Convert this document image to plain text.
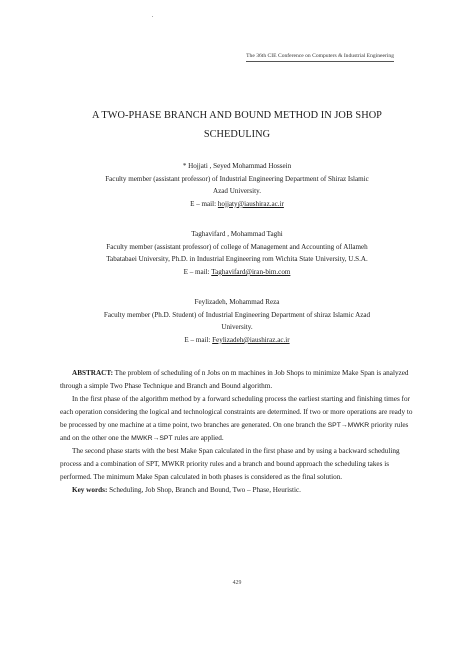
The 36th CIE Conference on Computers & Industrial Engineering
A TWO-PHASE BRANCH AND BOUND METHOD IN JOB SHOP
SCHEDULING
* Hojjati , Seyed Mohammad Hossein
Faculty member (assistant professor) of Industrial Engineering Department of Shiraz Islamic
Azad University.
E – mail: hojjaty@iaushiraz.ac.ir
Taghavifard , Mohammad Taghi
Faculty member (assistant professor) of college of Management and Accounting of Allameh
Tabatabaei University, Ph.D. in Industrial Engineering rom Wichita State University, U.S.A.
E – mail: Taghavifard@iran-bim.com
Feylizadeh, Mohammad Reza
Faculty member (Ph.D. Student) of Industrial Engineering Department of shiraz Islamic Azad
University.
E – mail: Feylizadeh@iaushiraz.ac.ir

ABSTRACT: The problem of scheduling of n Jobs on m machines in Job Shops to minimize Make Span is analyzed through a simple Two Phase Technique and Branch and Bound algorithm.

In the first phase of the algorithm method by a forward scheduling process the earliest starting and finishing times for each operation considering the logical and technological constraints are determined. If two or more operations are ready to be processed by one machine at a time point, two branches are generated. On one branch the SPT→MWKR priority rules and on the other one the MWKR→SPT rules are applied.

The second phase starts with the best Make Span calculated in the first phase and by using a backward scheduling process and a combination of SPT, MWKR priority rules and a branch and bound approach the scheduling takes is performed. The minimum Make Span calculated in both phases is considered as the final solution.

Key words: Scheduling, Job Shop, Branch and Bound, Two – Phase, Heuristic.

429
